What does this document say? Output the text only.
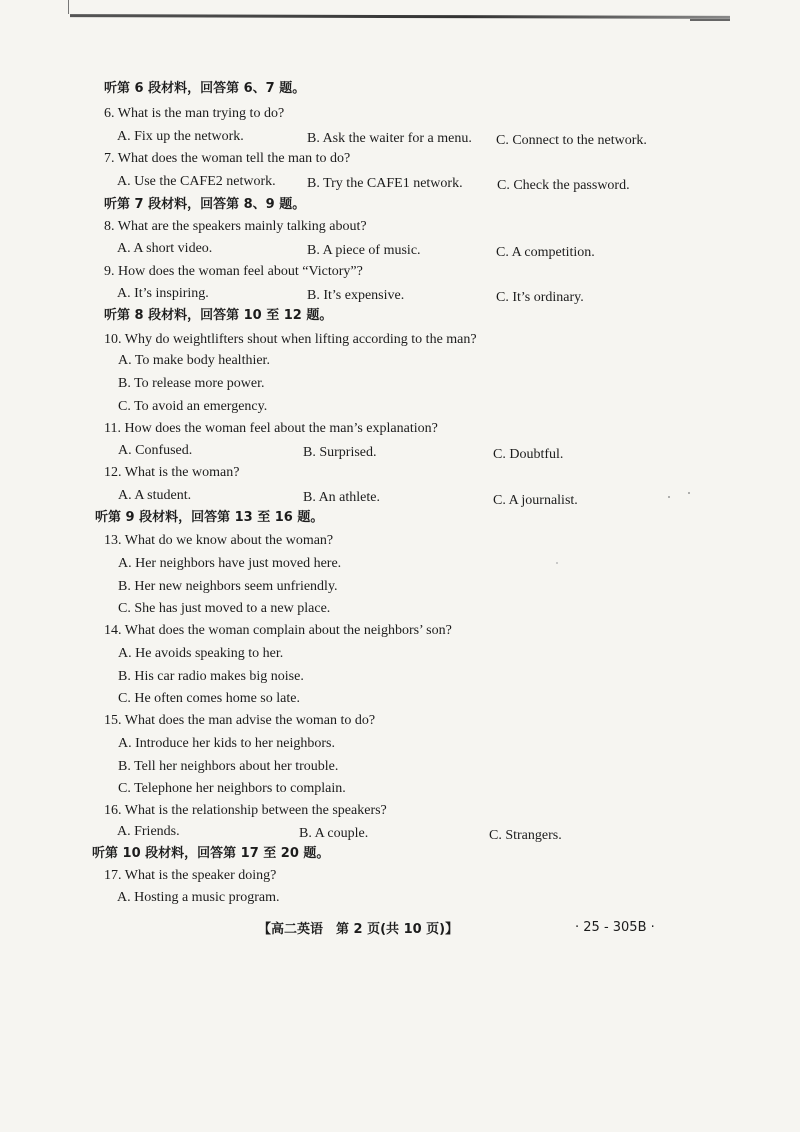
听第 6 段材料，回答第 6、7 题。
6. What is the man trying to do?
A. Fix up the network.	B. Ask the waiter for a menu. C. Connect to the network.
7. What does the woman tell the man to do?
A. Use the CAFE2 network. B. Try the CAFE1 network. C. Check the password.
听第 7 段材料，回答第 8、9 题。
8. What are the speakers mainly talking about?
A. A short video.	B. A piece of music.	C. A competition.
9. How does the woman feel about “Victory”?
A. It’s inspiring.	B. It’s expensive.	C. It’s ordinary.
听第 8 段材料，回答第 10 至 12 题。
10. Why do weightlifters shout when lifting according to the man?
A. To make body healthier.
B. To release more power.
C. To avoid an emergency.
11. How does the woman feel about the man’s explanation?
A. Confused.	B. Surprised.	C. Doubtful.
12. What is the woman?
A. A student.	B. An athlete.	C. A journalist.
听第 9 段材料，回答第 13 至 16 题。
13. What do we know about the woman?
A. Her neighbors have just moved here.
B. Her new neighbors seem unfriendly.
C. She has just moved to a new place.
14. What does the woman complain about the neighbors’ son?
A. He avoids speaking to her.
B. His car radio makes big noise.
C. He often comes home so late.
15. What does the man advise the woman to do?
A. Introduce her kids to her neighbors.
B. Tell her neighbors about her trouble.
C. Telephone her neighbors to complain.
16. What is the relationship between the speakers?
A. Friends.	B. A couple.	C. Strangers.
听第 10 段材料，回答第 17 至 20 题。
17. What is the speaker doing?
A. Hosting a music program.
【高二英语　第 2 页(共 10 页)】	· 25 - 305B ·
